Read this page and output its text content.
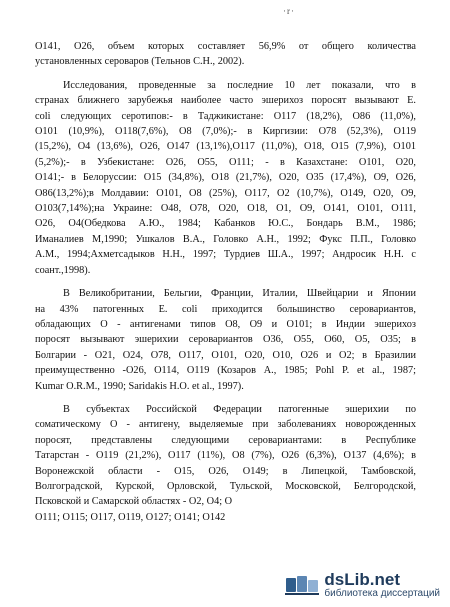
·r·
O141, O26, объем которых составляет 56,9% от общего количества
установленных сероваров (Тельнов С.Н., 2002).
Исследования, проведенные за последние 10 лет показали, что в
странах ближнего зарубежья наиболее часто эшерихоз поросят вызывают E.
coli следующих серотипов:- в Таджикистане: O117 (18,2%), O86 (11,0%),
O101 (10,9%), O118(7,6%), O8 (7,0%);- в Киргизии: O78 (52,3%), O119
(15,2%), O4 (13,6%), O26, O147 (13,1%),O117 (11,0%), O18, O15 (7,9%), O101
(5,2%);- в Узбекистане: O26, O55, O111; - в Казахстане: O101, O20,
O141;- в Белоруссии: O15 (34,8%), O18 (21,7%), O20, O35 (17,4%), O9, O26,
O86(13,2%);в Молдавии: O101, O8 (25%), O117, O2 (10,7%), O149, O20, O9,
O103(7,14%);на Украине: O48, O78, O20, O18, O1, O9, O141, O101, O111,
O26, O4(Обедкова А.Ю., 1984; Кабанков Ю.С., Бондарь В.М., 1986;
Иманалиев М,1990; Ушкалов В.А., Головко А.Н., 1992; Фукс П.П., Головко
А.М., 1994;Ахметсадыков Н.Н., 1997; Турдиев Ш.А., 1997; Андросик Н.Н. с
соант.,1998).
В Великобритании, Бельгии, Франции, Италии, Швейцарии и Японии
на 43% патогенных E. coli приходится большинство серовариантов,
обладающих O - антигенами типов O8, O9 и O101; в Индии эшерихоз
поросят вызывают эшерихии серовариантов O36, O55, O60, O5, O35; в
Болгарии - O21, O24, O78, O117, O101, O20, O10, O26 и O2; в Бразилии
преимущественно -O26, O114, O119 (Козаров А., 1985; Pohl P. et al., 1987;
Kumar O.R.M., 1990; Saridakis H.O. et al., 1997).
В субъектах Российской Федерации патогенные эшерихии по
соматическому O - антигену, выделяемые при заболеваниях новорожденных
поросят, представлены следующими серовариантами: в Республике
Татарстан - O119 (21,2%), O117 (11%), O8 (7%), O26 (6,3%), O137 (4,6%); в
Воронежской области - O15, O26, O149; в Липецкой, Тамбовской,
Волгоградской, Курской, Орловской, Тульской, Московской, Белгородской,
Псковской и Самарской областях - O2, O4; O
O111; O115; O117, O119, O127; O141; O142
dsLib.net
библиотека диссертаций
